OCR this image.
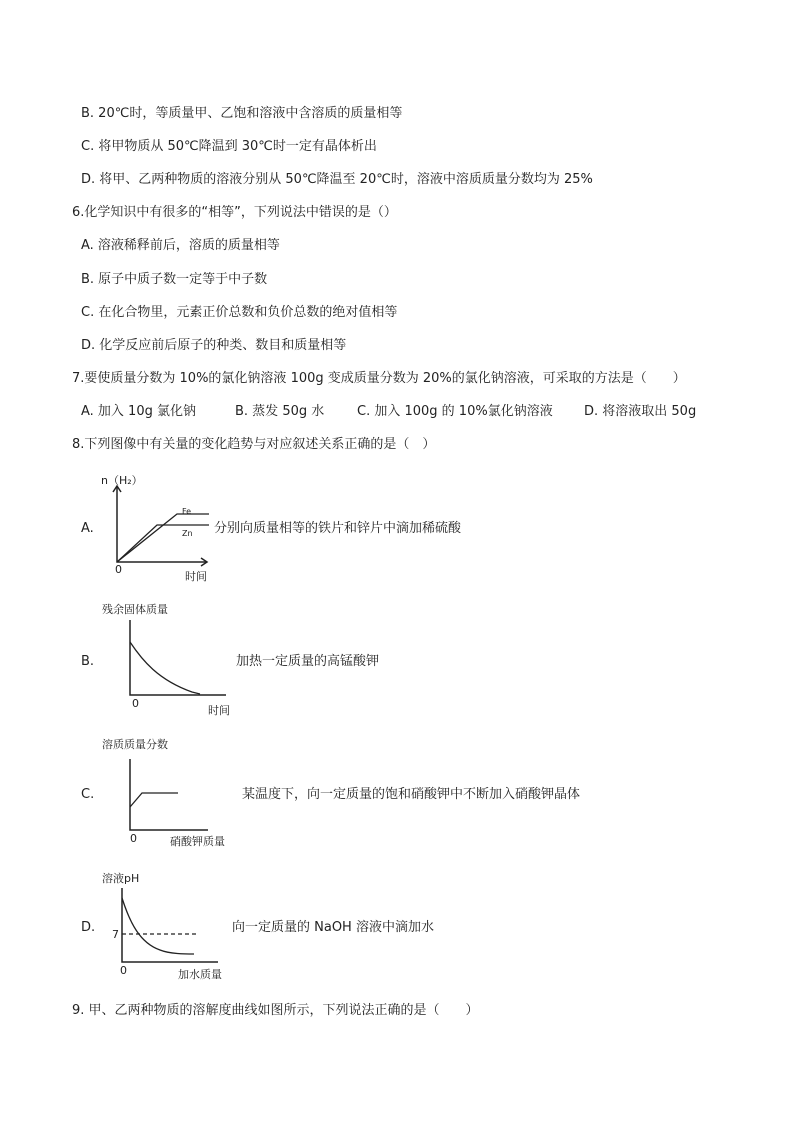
B. 20℃时，等质量甲、乙饱和溶液中含溶质的质量相等
C. 将甲物质从 50℃降温到 30℃时一定有晶体析出
D. 将甲、乙两种物质的溶液分别从 50℃降温至 20℃时，溶液中溶质质量分数均为 25%
6.化学知识中有很多的“相等”，下列说法中错误的是（）
A. 溶液稀释前后，溶质的质量相等
B. 原子中质子数一定等于中子数
C. 在化合物里，元素正价总数和负价总数的绝对值相等
D. 化学反应前后原子的种类、数目和质量相等
7.要使质量分数为 10%的氯化钠溶液 100g 变成质量分数为 20%的氯化钠溶液，可采取的方法是（　　）
A. 加入 10g 氯化钠	B. 蒸发 50g 水	C. 加入 100g 的 10%氯化钠溶液 D. 将溶液取出 50g
8.下列图像中有关量的变化趋势与对应叙述关系正确的是（　）
A.
n（H₂）
Fe
Zn
0
时间
分别向质量相等的铁片和锌片中滴加稀硫酸
B.
残余固体质量
0
时间
加热一定质量的高锰酸钾
C.
溶质质量分数
0	硝酸钾质量
某温度下，向一定质量的饱和硝酸钾中不断加入硝酸钾晶体
D.
溶液pH
7
0	加水质量
向一定质量的 NaOH 溶液中滴加水
9. 甲、乙两种物质的溶解度曲线如图所示，下列说法正确的是（　　）
